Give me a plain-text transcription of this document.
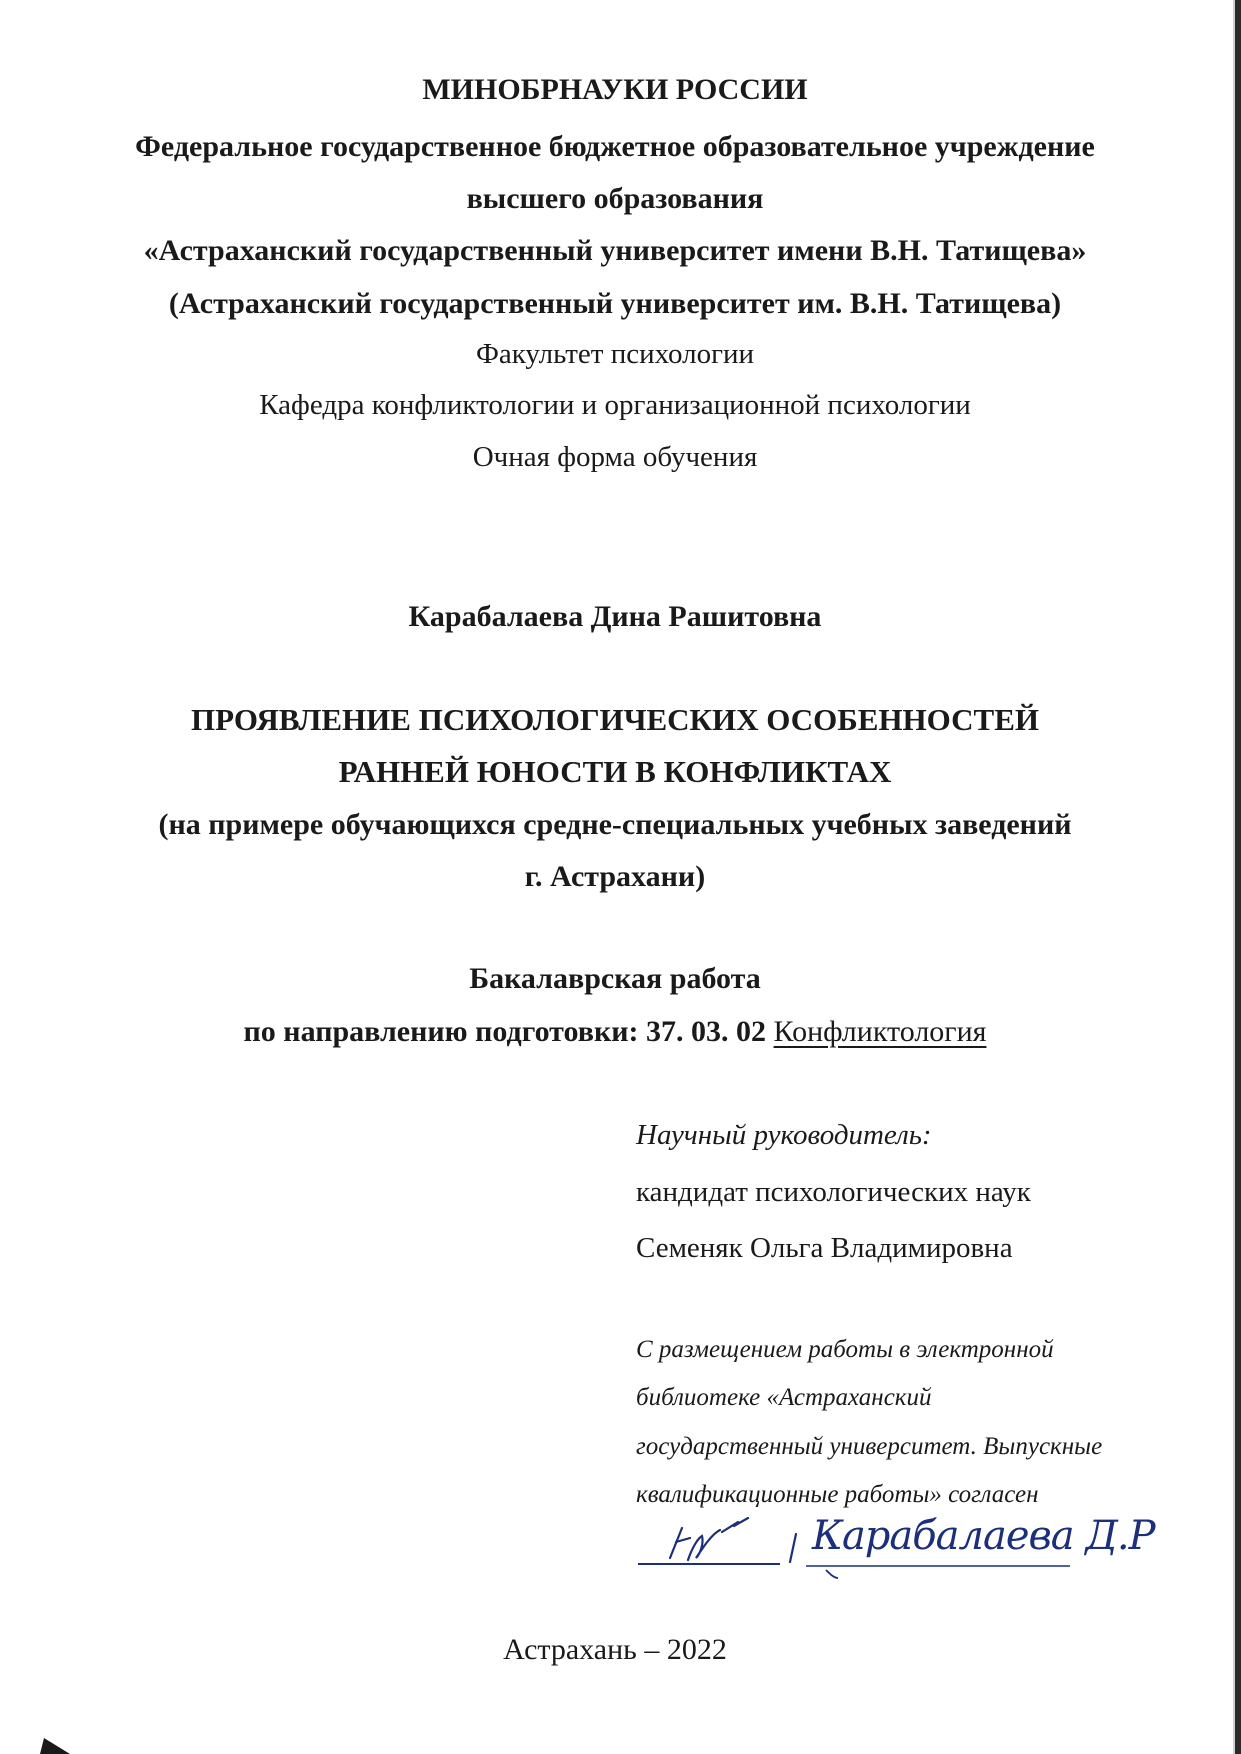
МИНОБРНАУКИ РОССИИ
Федеральное государственное бюджетное образовательное учреждение
высшего образования
«Астраханский государственный университет имени В.Н. Татищева»
(Астраханский государственный университет им. В.Н. Татищева)
Факультет психологии
Кафедра конфликтологии и организационной психологии
Очная форма обучения
Карабалаева Дина Рашитовна
ПРОЯВЛЕНИЕ ПСИХОЛОГИЧЕСКИХ ОСОБЕННОСТЕЙ
РАННЕЙ ЮНОСТИ В КОНФЛИКТАХ
(на примере обучающихся средне-специальных учебных заведений
г. Астрахани)
Бакалаврская работа
по направлению подготовки: 37. 03. 02 Конфликтология
Научный руководитель:
кандидат психологических наук
Семеняк Ольга Владимировна
С размещением работы в электронной
библиотеке «Астраханский
государственный университет. Выпускные
квалификационные работы» согласен
Карабалаева Д.Р
Астрахань – 2022
